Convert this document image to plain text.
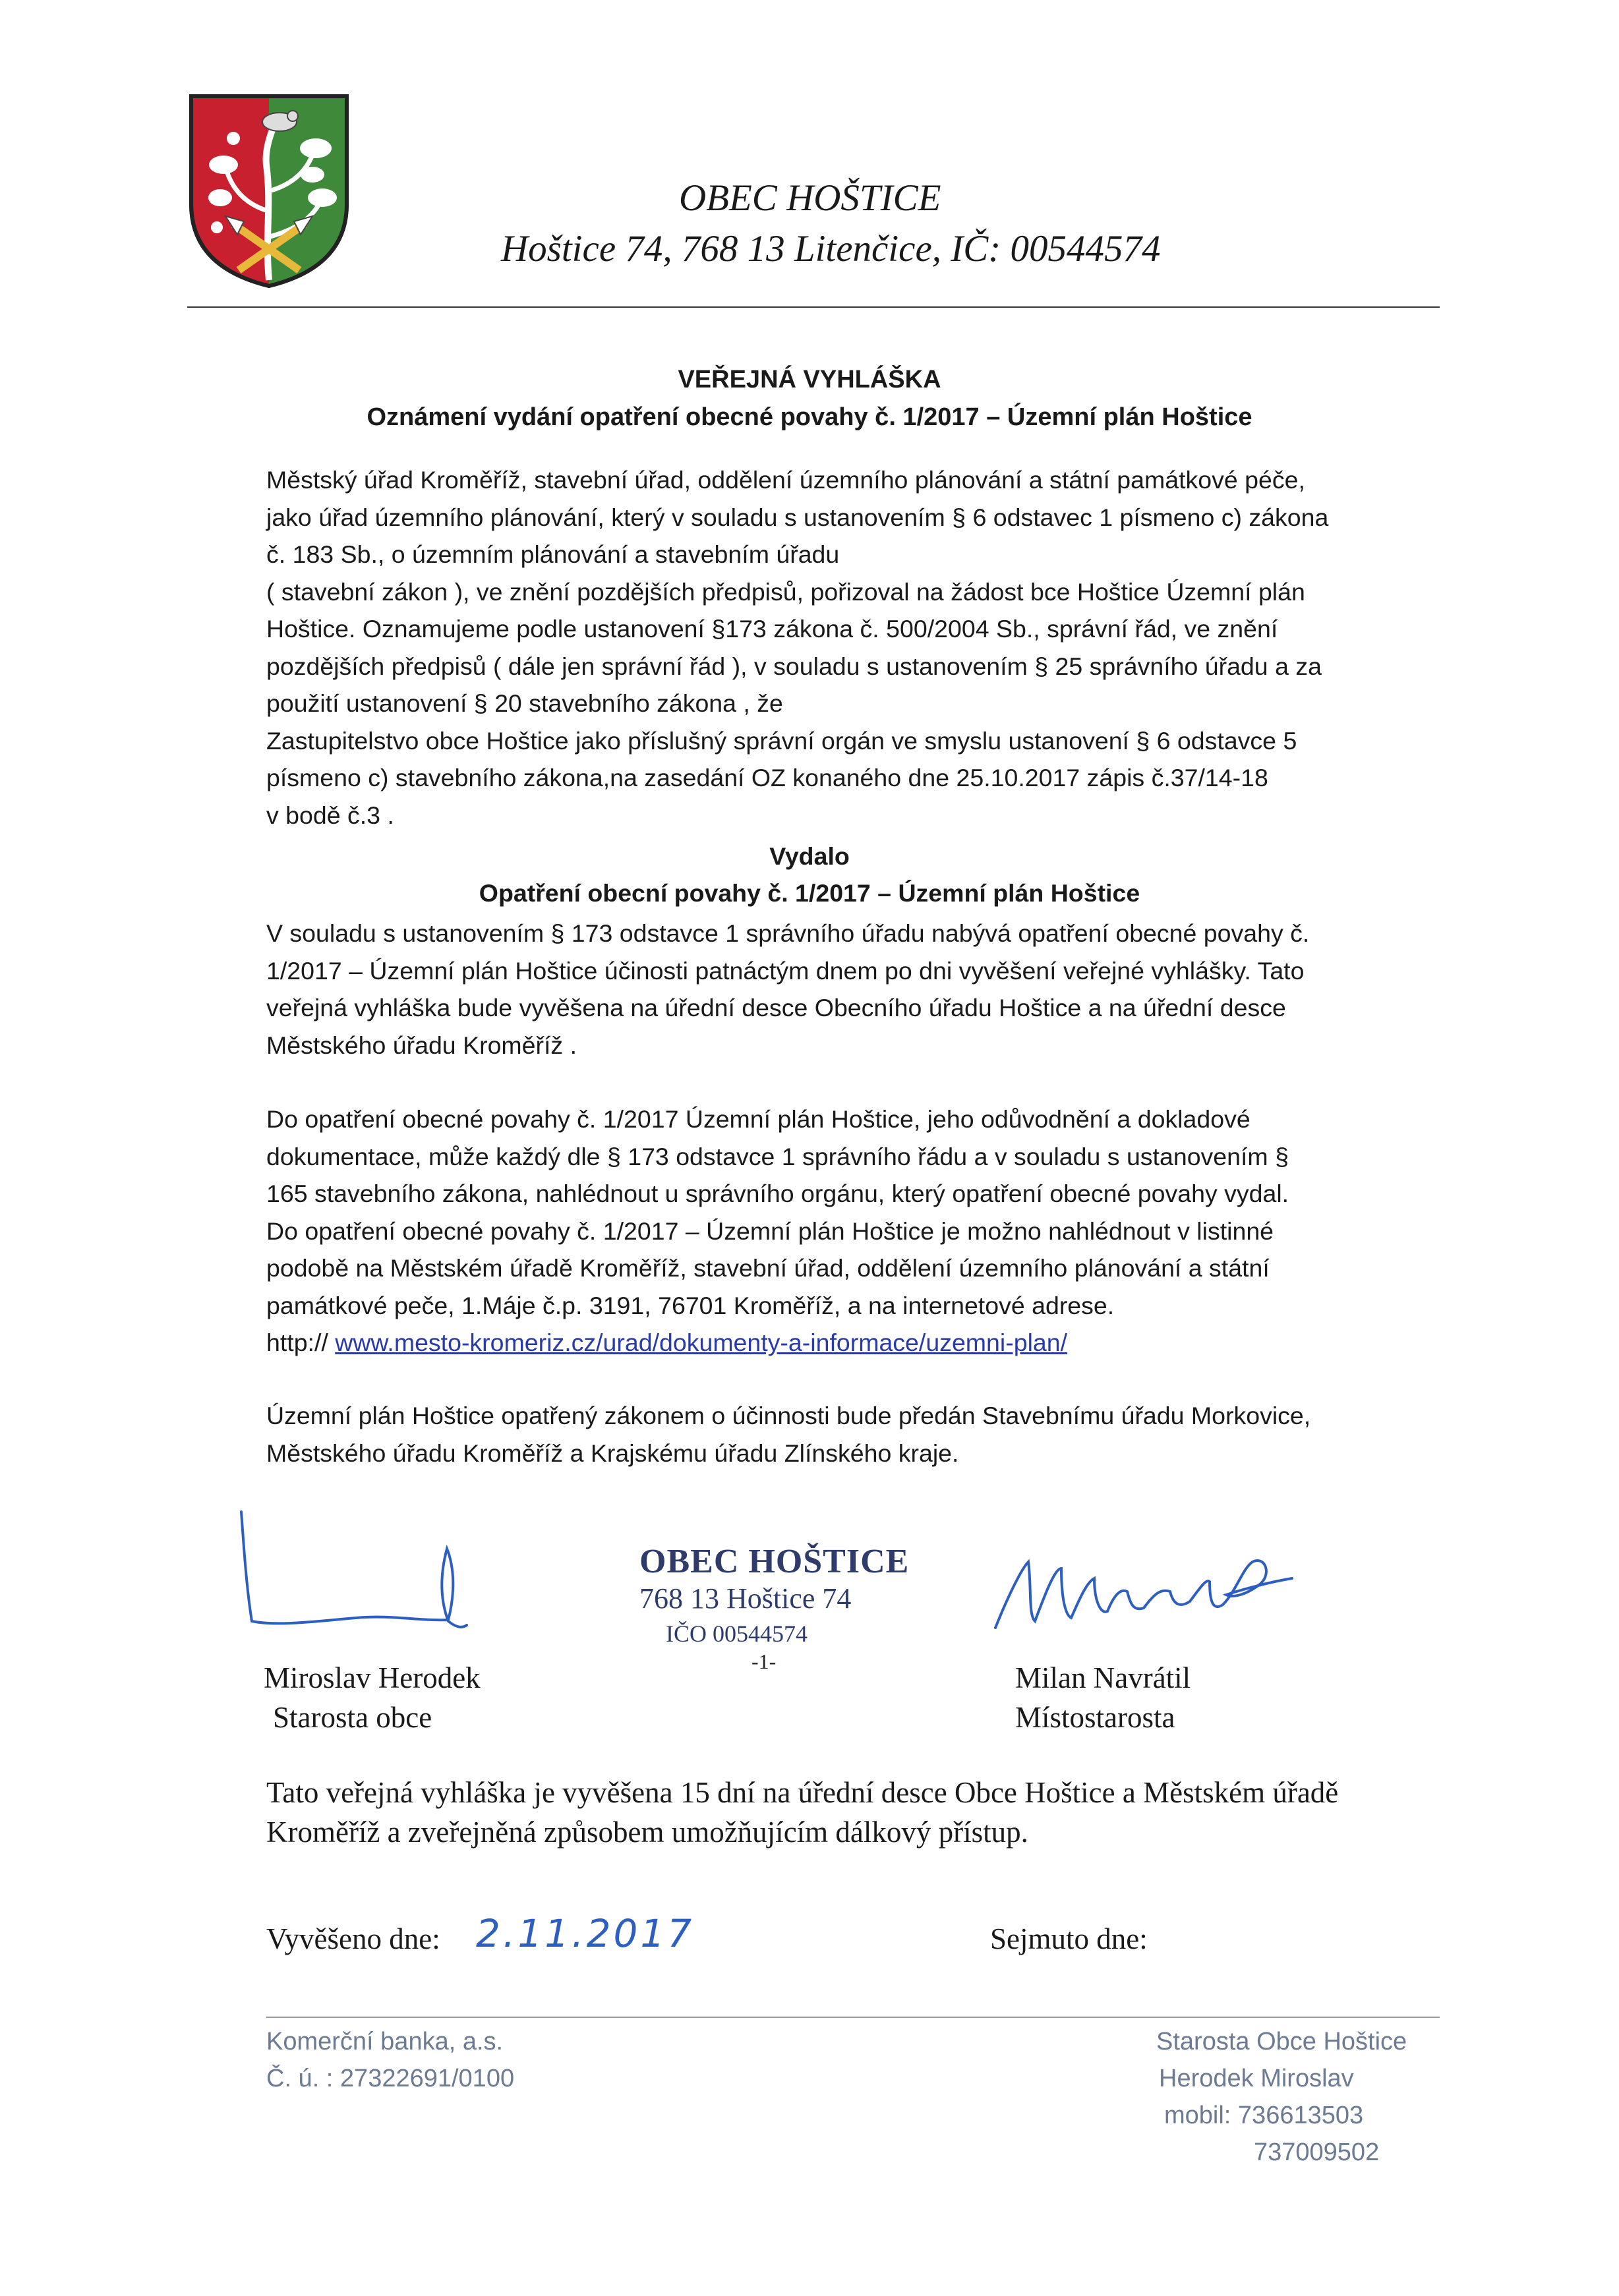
OBEC HOŠTICE
Hoštice 74, 768 13 Litenčice, IČ: 00544574
VEŘEJNÁ VYHLÁŠKA
Oznámení vydání opatření obecné povahy č. 1/2017 – Územní plán Hoštice

Městský úřad Kroměříž, stavební úřad, oddělení územního plánování a státní památkové péče,

jako úřad územního plánování, který v souladu s ustanovením § 6 odstavec 1 písmeno c) zákona

č. 183 Sb., o územním plánování a stavebním úřadu

( stavební zákon ), ve znění pozdějších předpisů, pořizoval na žádost bce Hoštice Územní plán

Hoštice. Oznamujeme podle ustanovení §173 zákona č. 500/2004 Sb., správní řád, ve znění

pozdějších předpisů ( dále jen správní řád ), v souladu s ustanovením § 25 správního úřadu a za

použití ustanovení § 20 stavebního zákona , že

Zastupitelstvo obce Hoštice jako příslušný správní orgán ve smyslu ustanovení § 6 odstavce 5

písmeno c) stavebního zákona,na zasedání OZ konaného dne 25.10.2017 zápis č.37/14-18

v bodě č.3 .

Vydalo
Opatření obecní povahy č. 1/2017 – Územní plán Hoštice

V souladu s ustanovením § 173 odstavce 1 správního úřadu nabývá opatření obecné povahy č.

1/2017 – Územní plán Hoštice účinosti patnáctým dnem po dni vyvěšení veřejné vyhlášky. Tato

veřejná vyhláška bude vyvěšena na úřední desce Obecního úřadu Hoštice a na úřední desce

Městského úřadu Kroměříž .

Do opatření obecné povahy č. 1/2017 Územní plán Hoštice, jeho odůvodnění a dokladové

dokumentace, může každý dle § 173 odstavce 1 správního řádu a v souladu s ustanovením §

165 stavebního zákona, nahlédnout u správního orgánu, který opatření obecné povahy vydal.

Do opatření obecné povahy č. 1/2017 – Územní plán Hoštice je možno nahlédnout v listinné

podobě na Městském úřadě Kroměříž, stavební úřad, oddělení územního plánování a státní

památkové peče, 1.Máje č.p. 3191, 76701 Kroměříž, a na internetové adrese.

http:// www.mesto-kromeriz.cz/urad/dokumenty-a-informace/uzemni-plan/

Územní plán Hoštice opatřený zákonem o účinnosti bude předán Stavebnímu úřadu Morkovice,

Městského úřadu Kroměříž a Krajskému úřadu Zlínského kraje.

Miroslav Herodek
Starosta obce
Milan Navrátil
Místostarosta
OBEC HOŠTICE
768 13 Hoštice 74
IČO 00544574
-1-
Tato veřejná vyhláška je vyvěšena 15 dní na úřední desce Obce Hoštice a Městském úřadě Kroměříž a zveřejněná způsobem umožňujícím dálkový přístup.
Vyvěšeno dne: 2.11.2017	Sejmuto dne:
Komerční banka, a.s.
Č. ú. : 27322691/0100
Starosta Obce Hoštice
Herodek Miroslav
mobil: 736613503
737009502
